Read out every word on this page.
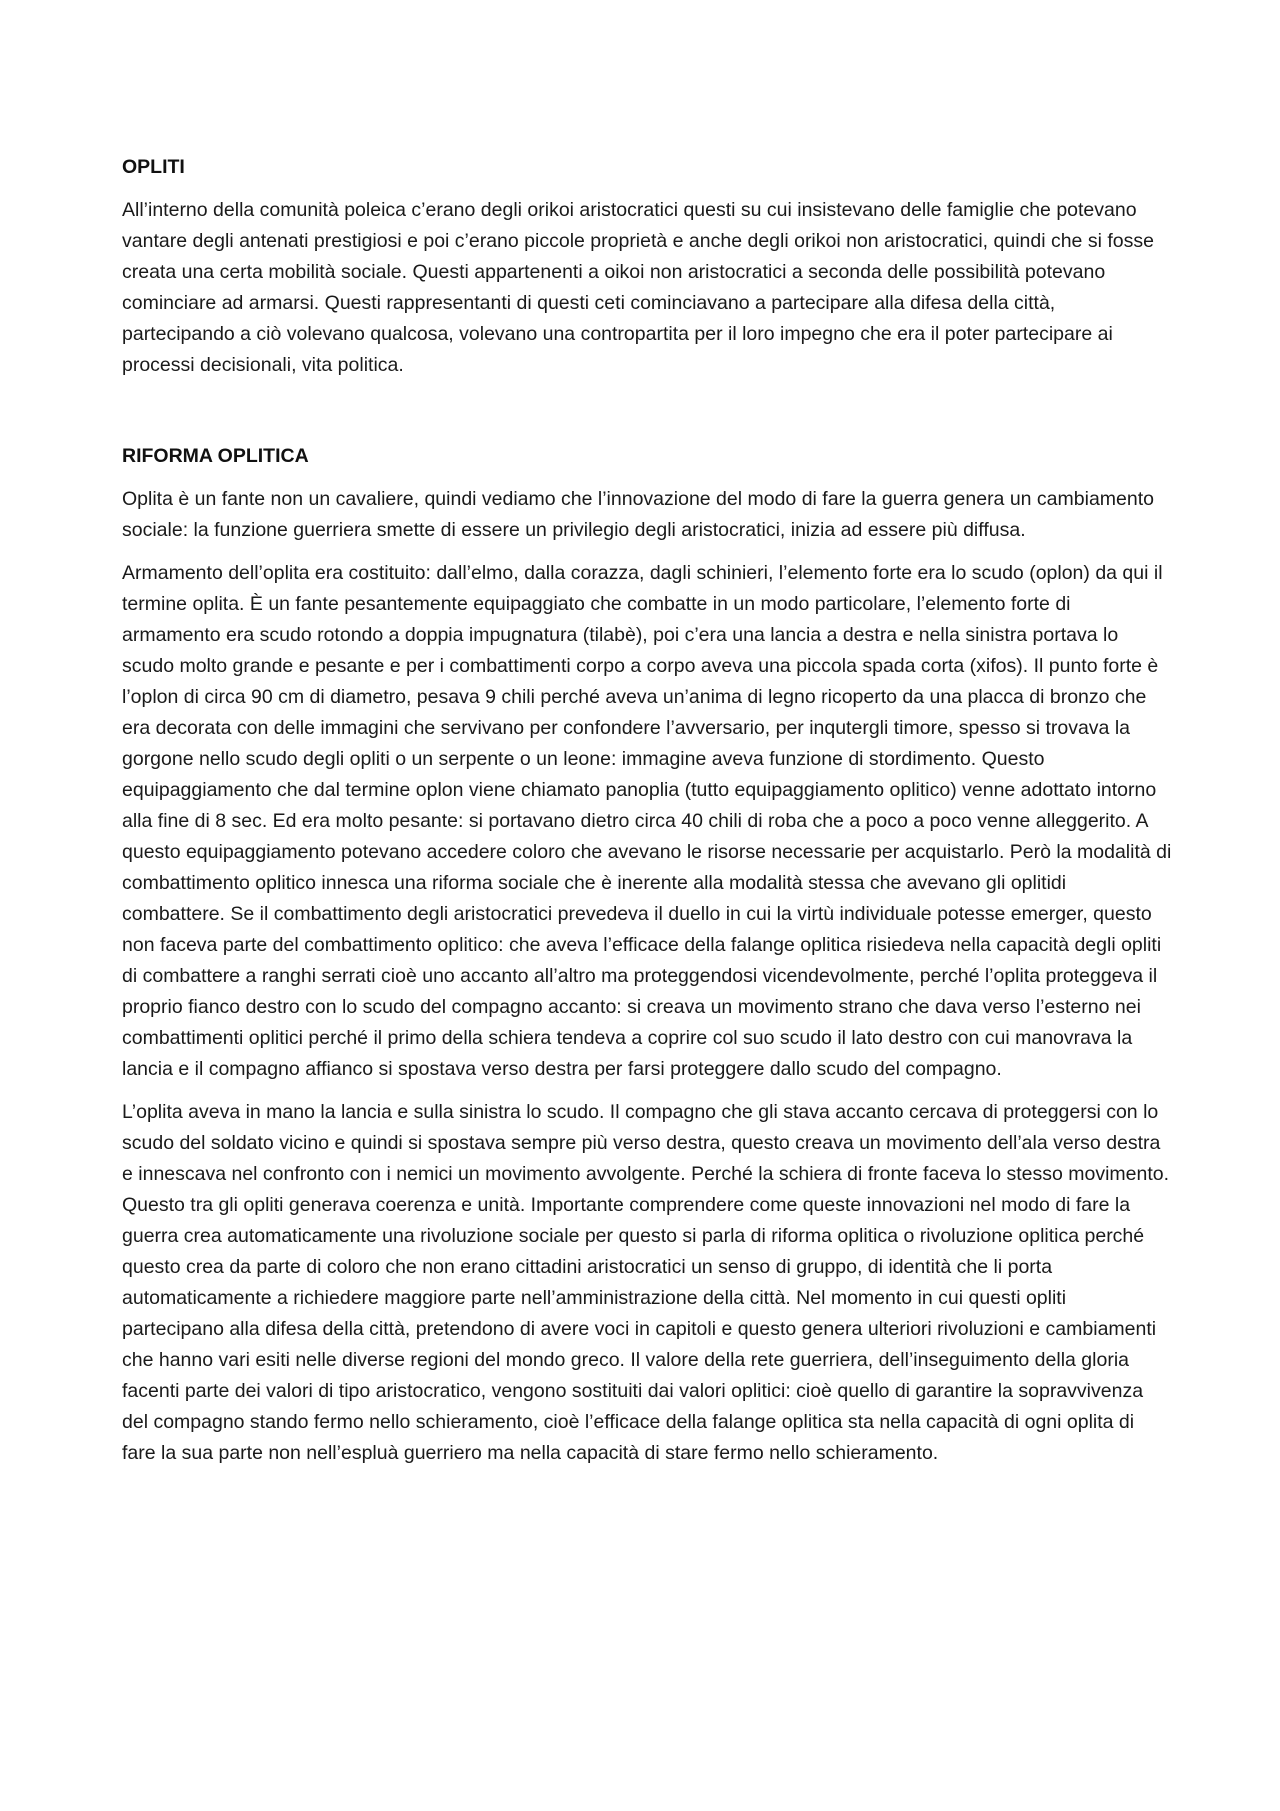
OPLITI

All’interno della comunità poleica c’erano degli orikoi aristocratici questi su cui insistevano delle famiglie che potevano vantare degli antenati prestigiosi e poi c’erano piccole proprietà e anche degli orikoi non aristocratici, quindi che si fosse creata una certa mobilità sociale. Questi appartenenti a oikoi non aristocratici a seconda delle possibilità potevano cominciare ad armarsi. Questi rappresentanti di questi ceti cominciavano a partecipare alla difesa della città, partecipando a ciò volevano qualcosa, volevano una contropartita per il loro impegno che era il poter partecipare ai processi decisionali, vita politica.

RIFORMA OPLITICA

Oplita è un fante non un cavaliere, quindi vediamo che l’innovazione del modo di fare la guerra genera un cambiamento sociale: la funzione guerriera smette di essere un privilegio degli aristocratici, inizia ad essere più diffusa.

Armamento dell’oplita era costituito: dall’elmo, dalla corazza, dagli schinieri, l’elemento forte era lo scudo (oplon) da qui il termine oplita. È un fante pesantemente equipaggiato che combatte in un modo particolare, l’elemento forte di armamento era scudo rotondo a doppia impugnatura (tilabè), poi c’era una lancia a destra e nella sinistra portava lo scudo molto grande e pesante e per i combattimenti corpo a corpo aveva una piccola spada corta (xifos). Il punto forte è l’oplon di circa 90 cm di diametro, pesava 9 chili perché aveva un’anima di legno ricoperto da una placca di bronzo che era decorata con delle immagini che servivano per confondere l’avversario, per inqutergli timore, spesso si trovava la gorgone nello scudo degli opliti o un serpente o un leone: immagine aveva funzione di stordimento. Questo equipaggiamento che dal termine oplon viene chiamato panoplia (tutto equipaggiamento oplitico) venne adottato intorno alla fine di 8 sec. Ed era molto pesante: si portavano dietro circa 40 chili di roba che a poco a poco venne alleggerito. A questo equipaggiamento potevano accedere coloro che avevano le risorse necessarie per acquistarlo. Però la modalità di combattimento oplitico innesca una riforma sociale che è inerente alla modalità stessa che avevano gli oplitidi combattere. Se il combattimento degli aristocratici prevedeva il duello in cui la virtù individuale potesse emerger, questo non faceva parte del combattimento oplitico: che aveva l’efficace della falange oplitica risiedeva nella capacità degli opliti di combattere a ranghi serrati cioè uno accanto all’altro ma proteggendosi vicendevolmente, perché l’oplita proteggeva il proprio fianco destro con lo scudo del compagno accanto: si creava un movimento strano che dava verso l’esterno nei combattimenti oplitici perché il primo della schiera tendeva a coprire col suo scudo il lato destro con cui manovrava la lancia e il compagno affianco si spostava verso destra per farsi proteggere dallo scudo del compagno.

L’oplita aveva in mano la lancia e sulla sinistra lo scudo. Il compagno che gli stava accanto cercava di proteggersi con lo scudo del soldato vicino e quindi si spostava sempre più verso destra, questo creava un movimento dell’ala verso destra e innescava nel confronto con i nemici un movimento avvolgente. Perché la schiera di fronte faceva lo stesso movimento. Questo tra gli opliti generava coerenza e unità. Importante comprendere come queste innovazioni nel modo di fare la guerra crea automaticamente una rivoluzione sociale per questo si parla di riforma oplitica o rivoluzione oplitica perché questo crea da parte di coloro che non erano cittadini aristocratici un senso di gruppo, di identità che li porta automaticamente a richiedere maggiore parte nell’amministrazione della città. Nel momento in cui questi opliti partecipano alla difesa della città, pretendono di avere voci in capitoli e questo genera ulteriori rivoluzioni e cambiamenti che hanno vari esiti nelle diverse regioni del mondo greco. Il valore della rete guerriera, dell’inseguimento della gloria facenti parte dei valori di tipo aristocratico, vengono sostituiti dai valori oplitici: cioè quello di garantire la sopravvivenza del compagno stando fermo nello schieramento, cioè l’efficace della falange oplitica sta nella capacità di ogni oplita di fare la sua parte non nell’espluà guerriero ma nella capacità di stare fermo nello schieramento.
